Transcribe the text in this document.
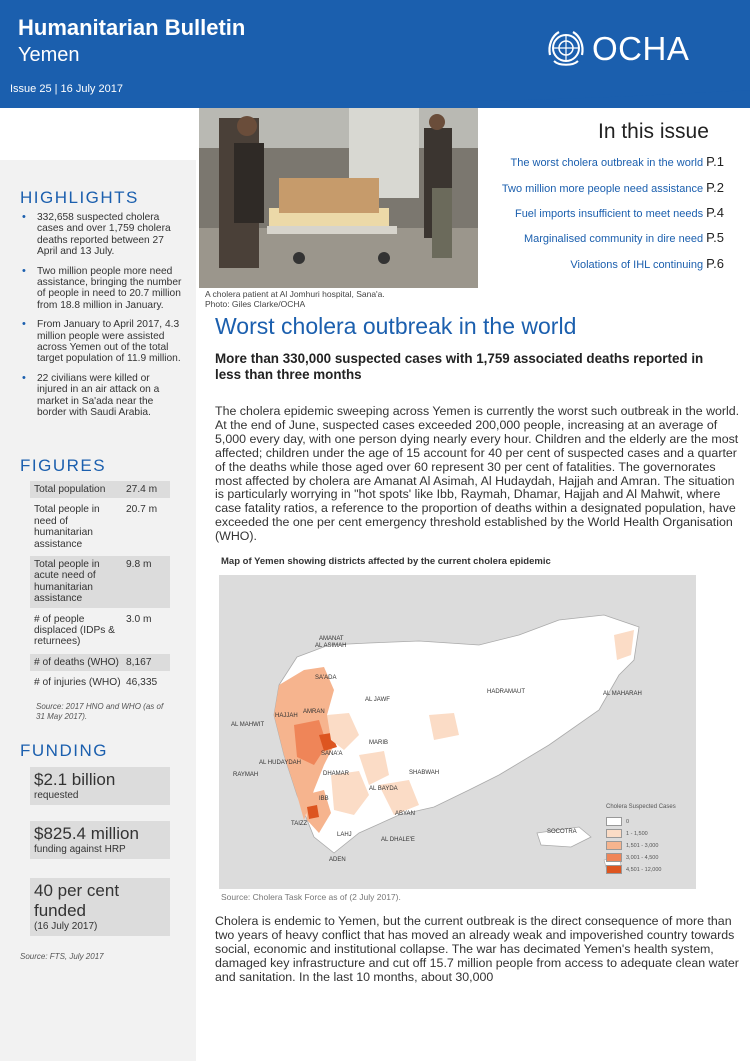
Humanitarian Bulletin
Yemen
Issue 25 | 16 July 2017
OCHA
HIGHLIGHTS
• 332,658 suspected cholera cases and over 1,759 cholera deaths reported between 27 April and 13 July.
• Two million people more need assistance, bringing the number of people in need to 20.7 million from 18.8 million in January.
• From January to April 2017, 4.3 million people were assisted across Yemen out of the total target population of 11.9 million.
• 22 civilians were killed or injured in an air attack on a market in Sa'ada near the border with Saudi Arabia.
FIGURES
Total population	27.4 m
Total people in need of humanitarian assistance
20.7 m
Total people in acute need of humanitarian assistance
9.8 m
# of people displaced (IDPs & returnees)
3.0 m
# of deaths (WHO) 8,167
# of injuries (WHO) 46,335
Source: 2017 HNO and WHO (as of 31 May 2017).
FUNDING
$2.1 billion
requested
$825.4 million
funding against HRP
40 per cent funded
(16 July 2017)
Source: FTS, July 2017
A cholera patient at Al Jomhuri hospital, Sana'a.
Photo: Giles Clarke/OCHA
In this issue
The worst cholera outbreak in the world P.1
Two million more people need assistance P.2
Fuel imports insufficient to meet needs P.4
Marginalised community in dire need P.5
Violations of IHL continuing P.6
Worst cholera outbreak in the world
More than 330,000 suspected cases with 1,759 associated deaths reported in less than three months
The cholera epidemic sweeping across Yemen is currently the worst such outbreak in the world. At the end of June, suspected cases exceeded 200,000 people, increasing at an average of 5,000 every day, with one person dying nearly every hour. Children and the elderly are the most affected; children under the age of 15 account for 40 per cent of suspected cases and a quarter of the deaths while those aged over 60 represent 30 per cent of fatalities. The governorates most affected by cholera are Amanat Al Asimah, Al Hudaydah, Hajjah and Amran. The situation is particularly worrying in "hot spots' like Ibb, Raymah, Dhamar, Hajjah and Al Mahwit, where case fatality ratios, a reference to the proportion of deaths within a designated population, have exceeded the one per cent emergency threshold established by the World Health Organisation (WHO).
Map of Yemen showing districts affected by the current cholera epidemic
AMANAT
AL ASIMAH
SA'ADA
AL JAWF
HADRAMAUT	AL MAHARAH
AL MAHWIT
HAJJAH
AMRAN
MARIB
SANA'A
AL HUDAYDAH
RAYMAH	DHAMAR	SHABWAH
AL BAYDA
IBB
ABYAN
TAIZZ
LAHJ
AL DHALE'E
ADEN
SOCOTRA
Cholera Suspected Cases
0
1 - 1,500
1,501 - 3,000
3,001 - 4,500
4,501 - 12,000
Source: Cholera Task Force as of (2 July 2017).
Cholera is endemic to Yemen, but the current outbreak is the direct consequence of more than two years of heavy conflict that has moved an already weak and impoverished country towards social, economic and institutional collapse. The war has decimated Yemen's health system, damaged key infrastructure and cut off 15.7 million people from access to adequate clean water and sanitation. In the last 10 months, about 30,000
